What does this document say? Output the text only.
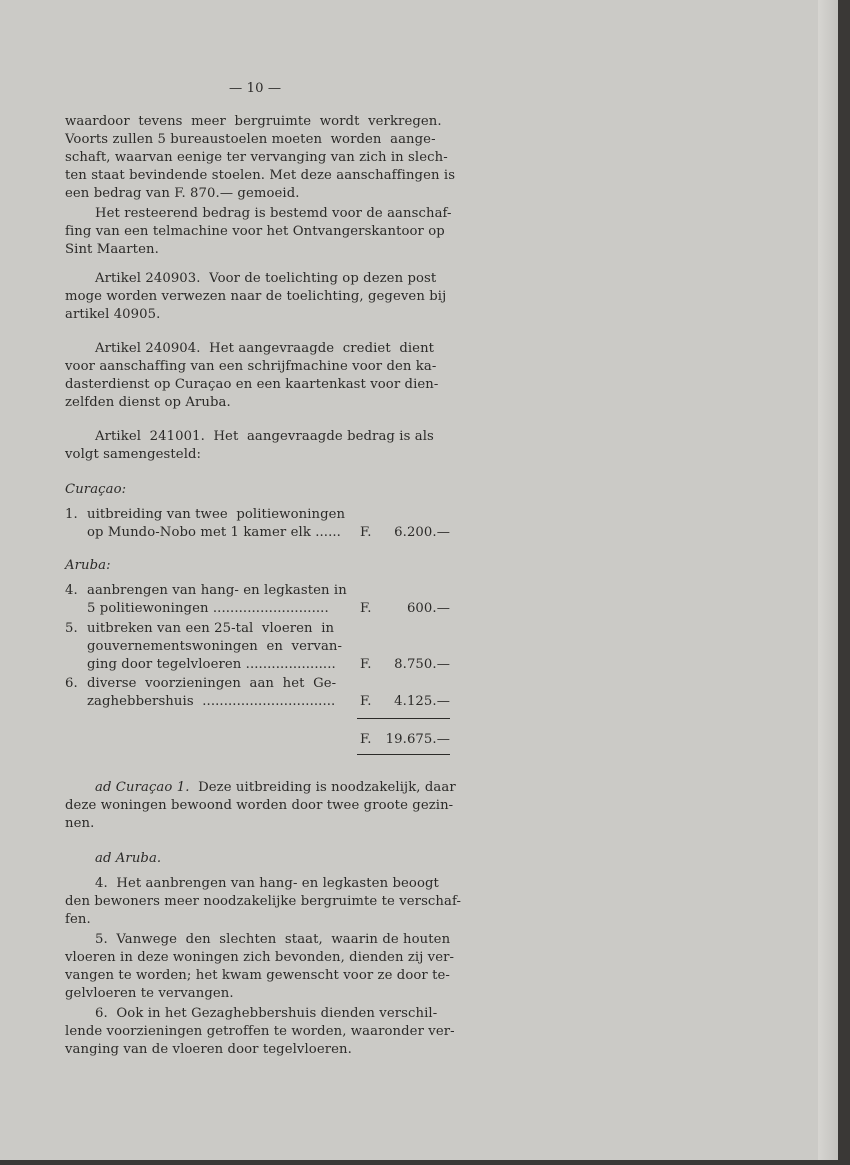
— 10 —
waardoor  tevens  meer  bergruimte  wordt  verkregen.
Voorts zullen 5 bureaustoelen moeten  worden  aange-
schaft, waarvan eenige ter vervanging van zich in slech-
ten staat bevindende stoelen. Met deze aanschaffingen is
een bedrag van F. 870.— gemoeid.
Het resteerend bedrag is bestemd voor de aanschaf-
fing van een telmachine voor het Ontvangerskantoor op
Sint Maarten.
Artikel 240903.  Voor de toelichting op dezen post
moge worden verwezen naar de toelichting, gegeven bij
artikel 40905.
Artikel 240904.  Het aangevraagde  crediet  dient
voor aanschaffing van een schrijfmachine voor den ka-
dasterdienst op Curaçao en een kaartenkast voor dien-
zelfden dienst op Aruba.
Artikel  241001.  Het  aangevraagde bedrag is als
volgt samengesteld:
Curaçao:
1. uitbreiding van twee  politiewoningen
op Mundo-Nobo met 1 kamer elk ...... F.	6.200.—
Aruba:
4. aanbrengen van hang- en legkasten in
5 politiewoningen ........................... F.	600.—
5. uitbreken van een 25-tal  vloeren  in
gouvernementswoningen  en  vervan-
ging door tegelvloeren ..................... F.	8.750.—
6. diverse  voorzieningen  aan  het  Ge-
zaghebbershuis  ............................... F.	4.125.—
F.	19.675.—
ad Curaçao 1.  Deze uitbreiding is noodzakelijk, daar
deze woningen bewoond worden door twee groote gezin-
nen.
ad Aruba.
4.  Het aanbrengen van hang- en legkasten beoogt
den bewoners meer noodzakelijke bergruimte te verschaf-
fen.
5.  Vanwege  den  slechten  staat,  waarin de houten
vloeren in deze woningen zich bevonden, dienden zij ver-
vangen te worden; het kwam gewenscht voor ze door te-
gelvloeren te vervangen.
6.  Ook in het Gezaghebbershuis dienden verschil-
lende voorzieningen getroffen te worden, waaronder ver-
vanging van de vloeren door tegelvloeren.
